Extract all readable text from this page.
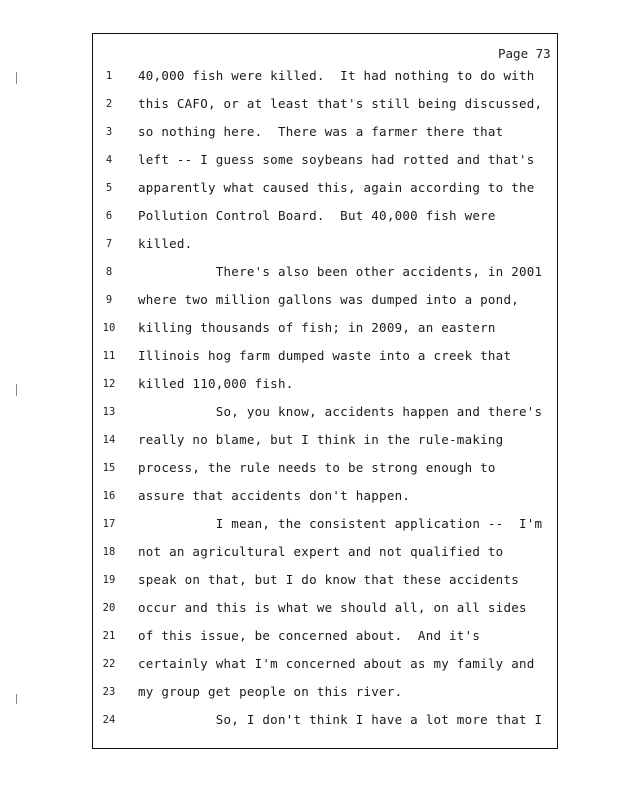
Page 73
1	40,000 fish were killed.  It had nothing to do with
2	this CAFO, or at least that's still being discussed,
3	so nothing here.  There was a farmer there that
4	left -- I guess some soybeans had rotted and that's
5	apparently what caused this, again according to the
6	Pollution Control Board.  But 40,000 fish were
7	killed.
8	There's also been other accidents, in 2001
9	where two million gallons was dumped into a pond,
10	killing thousands of fish; in 2009, an eastern
11	Illinois hog farm dumped waste into a creek that
12	killed 110,000 fish.
13	So, you know, accidents happen and there's
14	really no blame, but I think in the rule-making
15	process, the rule needs to be strong enough to
16	assure that accidents don't happen.
17	I mean, the consistent application --  I'm
18	not an agricultural expert and not qualified to
19	speak on that, but I do know that these accidents
20	occur and this is what we should all, on all sides
21	of this issue, be concerned about.  And it's
22	certainly what I'm concerned about as my family and
23	my group get people on this river.
24	So, I don't think I have a lot more that I
